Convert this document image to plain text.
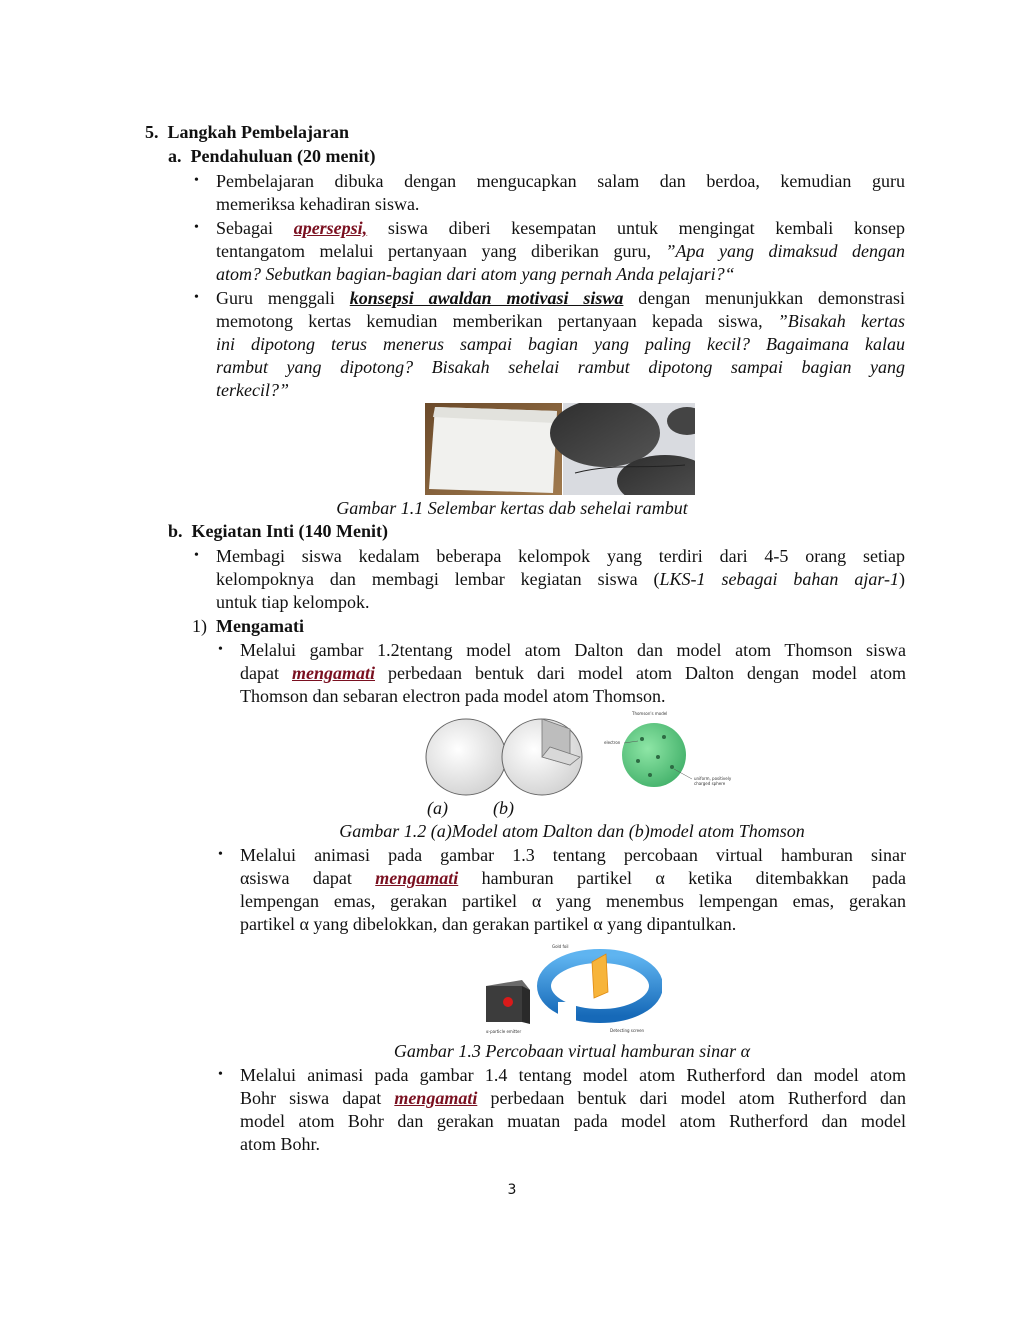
5. Langkah Pembelajaran
a. Pendahuluan (20 menit)
• Pembelajaran dibuka dengan mengucapkan salam dan berdoa, kemudian guru
memeriksa kehadiran siswa.
• Sebagai apersepsi, siswa diberi kesempatan untuk mengingat kembali konsep
tentangatom melalui pertanyaan yang diberikan guru, ”Apa yang dimaksud dengan
atom? Sebutkan bagian-bagian dari atom yang pernah Anda pelajari?“
• Guru menggali konsepsi awaldan motivasi siswa dengan menunjukkan demonstrasi
memotong kertas kemudian memberikan pertanyaan kepada siswa, ”Bisakah kertas
ini dipotong terus menerus sampai bagian yang paling kecil? Bagaimana kalau
rambut yang dipotong? Bisakah sehelai rambut dipotong sampai bagian yang
terkecil?”
Gambar 1.1 Selembar kertas dab sehelai rambut
b. Kegiatan Inti (140 Menit)
• Membagi siswa kedalam beberapa kelompok yang terdiri dari 4-5 orang setiap
kelompoknya dan membagi lembar kegiatan siswa (LKS-1 sebagai bahan ajar-1)
untuk tiap kelompok.
1) Mengamati
• Melalui gambar 1.2tentang model atom Dalton dan model atom Thomson siswa
dapat mengamati perbedaan bentuk dari model atom Dalton dengan model atom
Thomson dan sebaran electron pada model atom Thomson.
Thomson's model
electron
uniform, positively
charged sphere
(a)	(b)
Gambar 1.2 (a)Model atom Dalton dan (b)model atom Thomson
• Melalui animasi pada gambar 1.3 tentang percobaan virtual hamburan sinar
αsiswa dapat mengamati hamburan partikel α ketika ditembakkan pada
lempengan emas, gerakan partikel α yang menembus lempengan emas, gerakan
partikel α yang dibelokkan, dan gerakan partikel α yang dipantulkan.
Gold foil
Detecting screen
α-particle emitter
Gambar 1.3 Percobaan virtual hamburan sinar α
• Melalui animasi pada gambar 1.4 tentang model atom Rutherford dan model atom
Bohr siswa dapat mengamati perbedaan bentuk dari model atom Rutherford dan
model atom Bohr dan gerakan muatan pada model atom Rutherford dan model
atom Bohr.
3
